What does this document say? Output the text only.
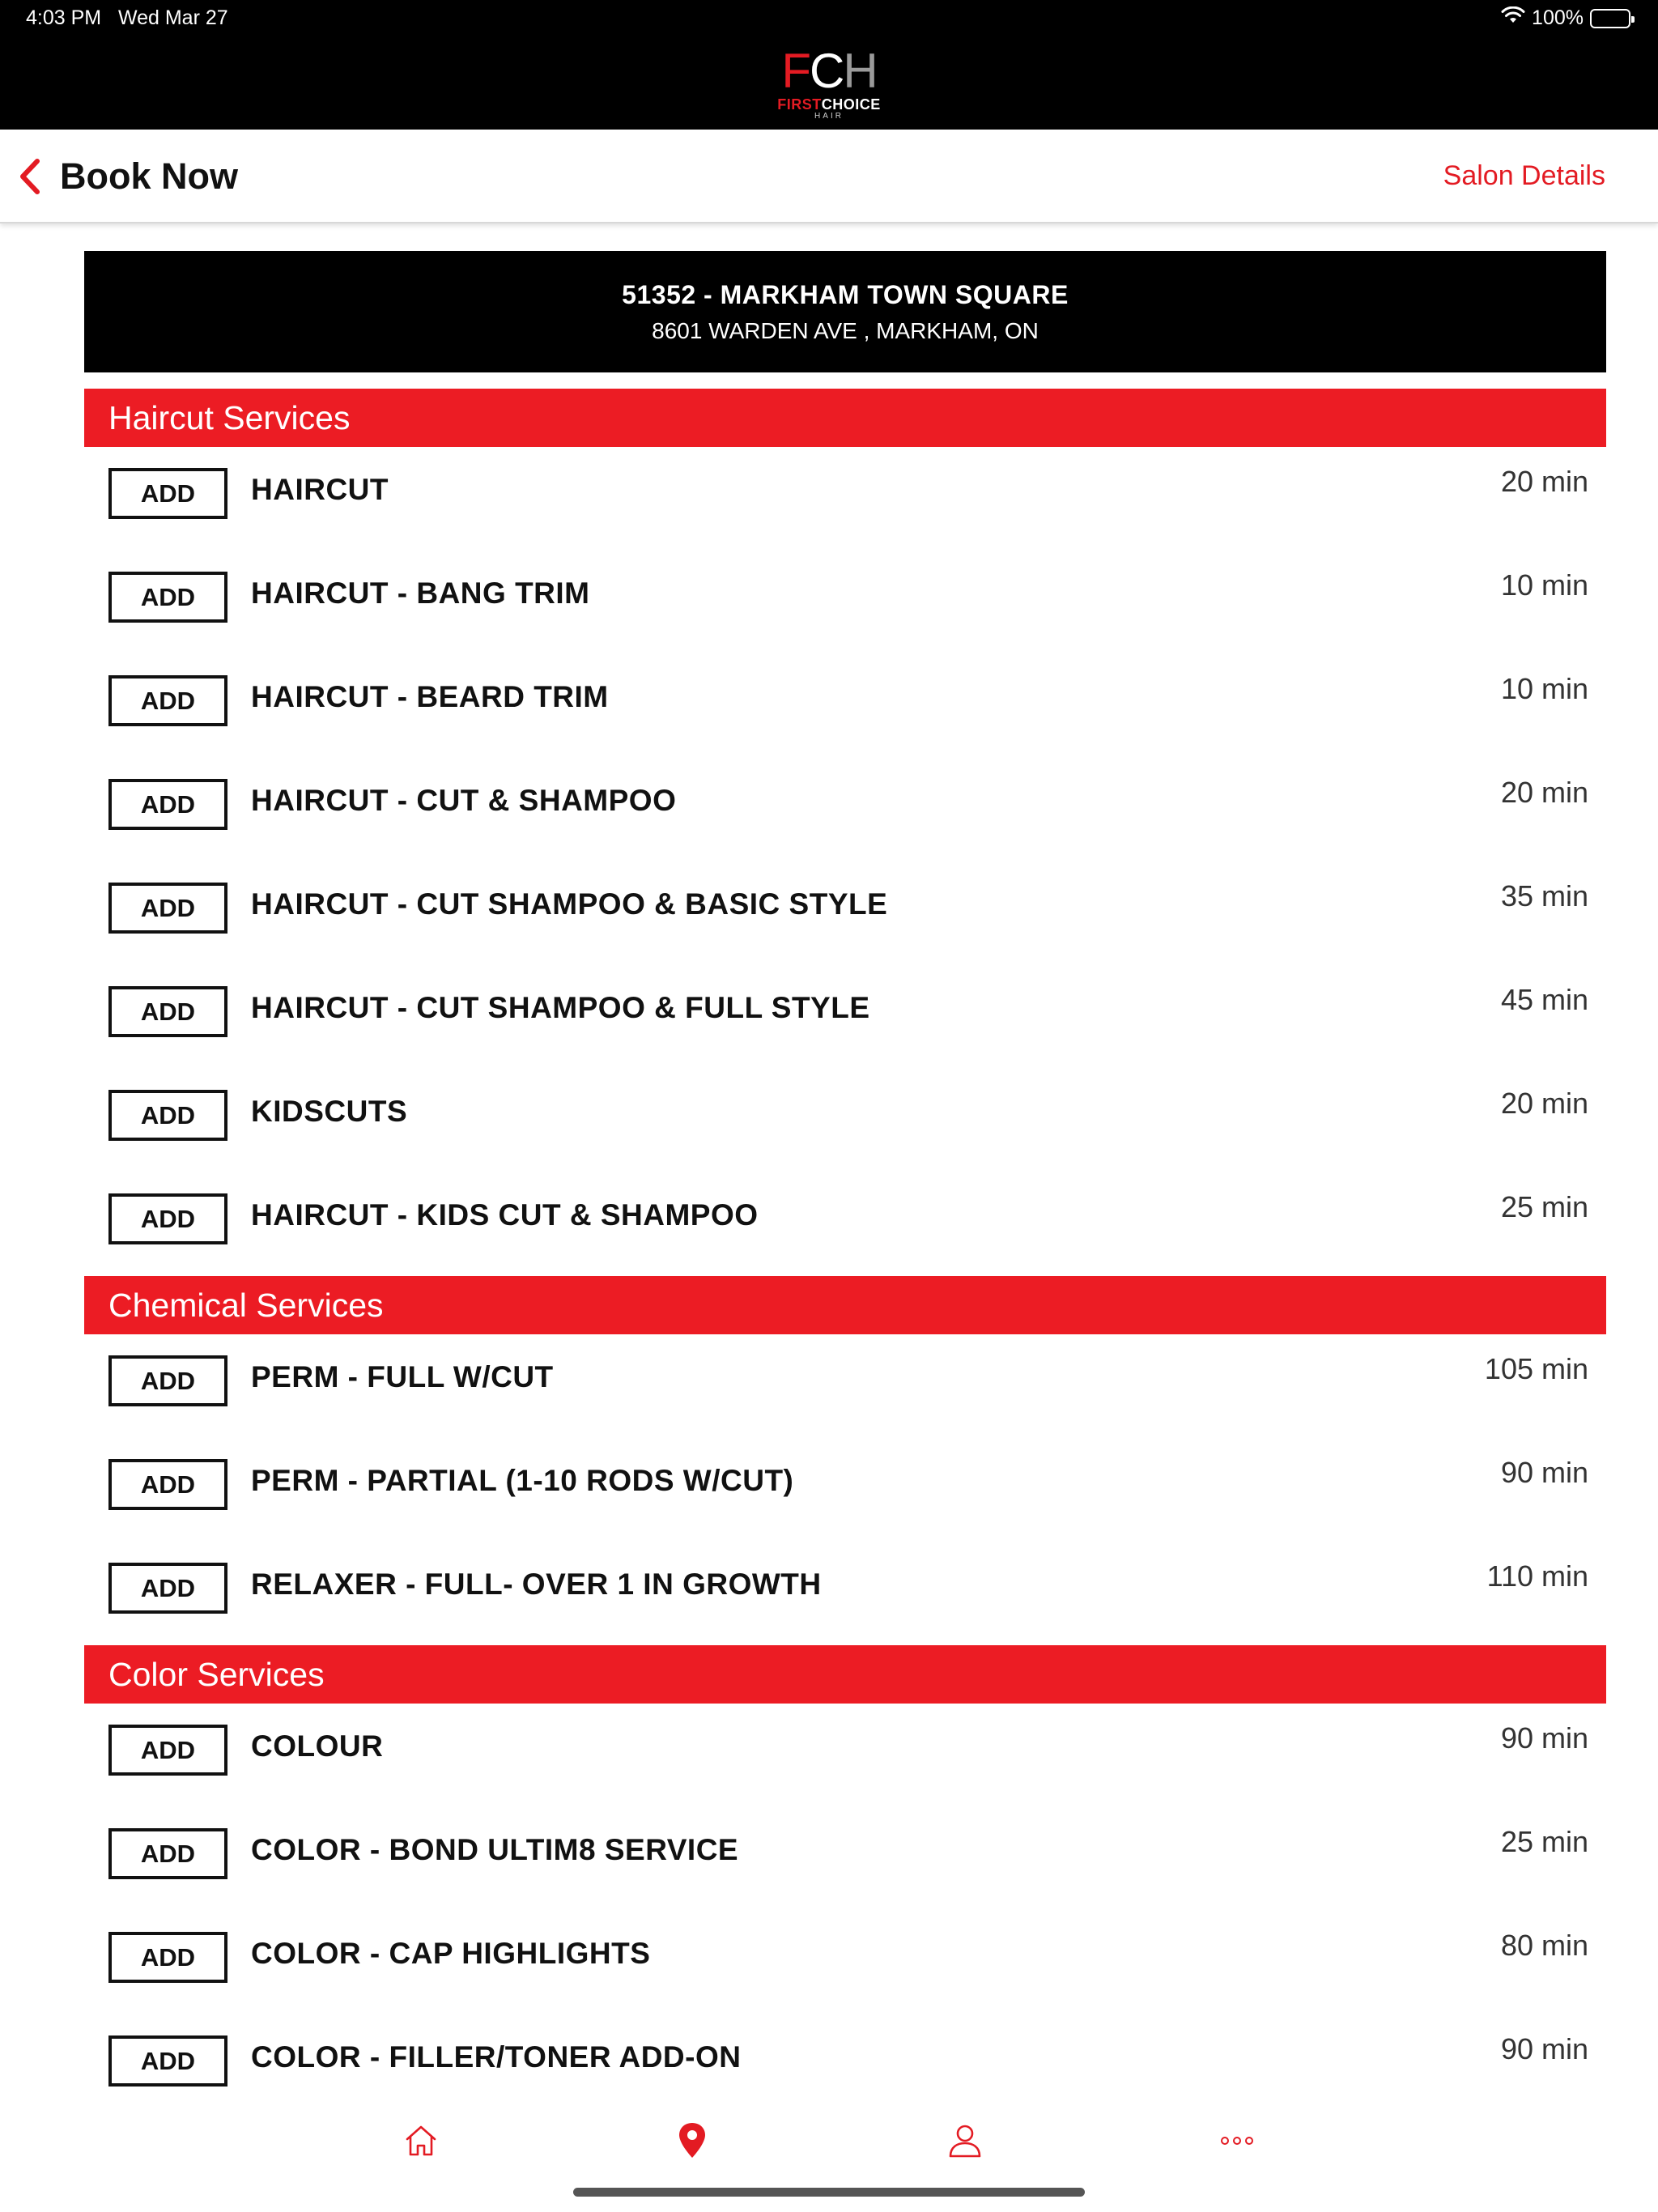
4:03 PM Wed Mar 27	100%
FCH
FIRSTCHOICE
HAIR
Book Now	Salon Details
51352 - MARKHAM TOWN SQUARE
8601 WARDEN AVE , MARKHAM, ON
Haircut Services
ADD	HAIRCUT	20 min
ADD	HAIRCUT - BANG TRIM	10 min
ADD	HAIRCUT - BEARD TRIM	10 min
ADD	HAIRCUT - CUT & SHAMPOO	20 min
ADD	HAIRCUT - CUT SHAMPOO & BASIC STYLE	35 min
ADD	HAIRCUT - CUT SHAMPOO & FULL STYLE	45 min
ADD	KIDSCUTS	20 min
ADD	HAIRCUT - KIDS CUT & SHAMPOO	25 min
Chemical Services
ADD	PERM - FULL W/CUT	105 min
ADD	PERM - PARTIAL (1-10 RODS W/CUT)	90 min
ADD	RELAXER - FULL- OVER 1 IN GROWTH	110 min
Color Services
ADD	COLOUR	90 min
ADD	COLOR - BOND ULTIM8 SERVICE	25 min
ADD	COLOR - CAP HIGHLIGHTS	80 min
ADD	COLOR - FILLER/TONER ADD-ON	90 min
